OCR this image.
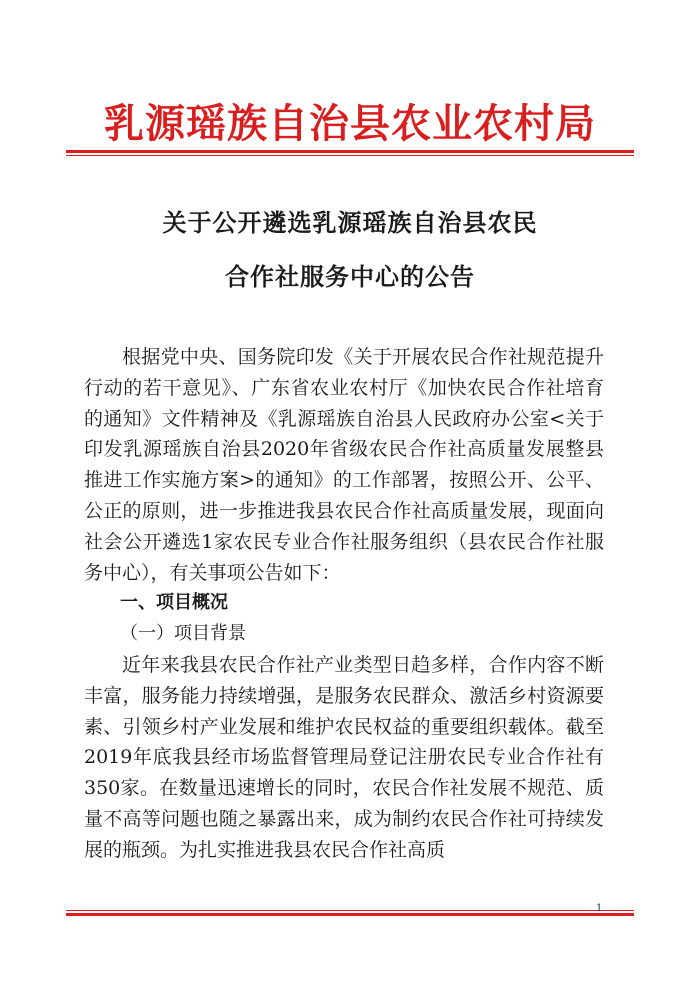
乳源瑶族自治县农业农村局
关于公开遴选乳源瑶族自治县农民
合作社服务中心的公告

根据党中央、国务院印发《关于开展农民合作社规范提升行动的若干意见》、广东省农业农村厅《加快农民合作社培育的通知》文件精神及《乳源瑶族自治县人民政府办公室<关于印发乳源瑶族自治县2020年省级农民合作社高质量发展整县推进工作实施方案>的通知》的工作部署，按照公开、公平、公正的原则，进一步推进我县农民合作社高质量发展，现面向社会公开遴选1家农民专业合作社服务组织（县农民合作社服务中心），有关事项公告如下：

一、项目概况

（一）项目背景

近年来我县农民合作社产业类型日趋多样，合作内容不断丰富，服务能力持续增强，是服务农民群众、激活乡村资源要素、引领乡村产业发展和维护农民权益的重要组织载体。截至2019年底我县经市场监督管理局登记注册农民专业合作社有350家。在数量迅速增长的同时，农民合作社发展不规范、质量不高等问题也随之暴露出来，成为制约农民合作社可持续发展的瓶颈。为扎实推进我县农民合作社高质

1
